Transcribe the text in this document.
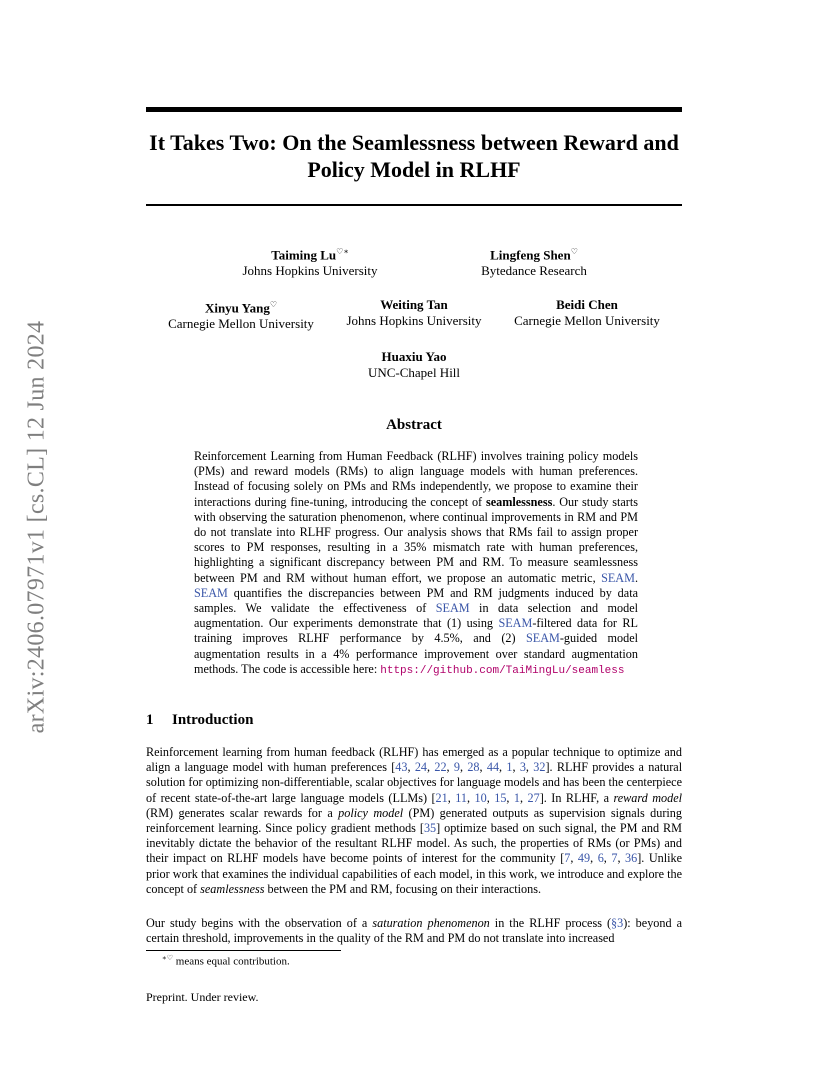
It Takes Two: On the Seamlessness between Reward and Policy Model in RLHF
arXiv:2406.07971v1 [cs.CL] 12 Jun 2024
Taiming Lu♡∗
Johns Hopkins University
Lingfeng Shen♡
Bytedance Research
Xinyu Yang♡
Carnegie Mellon University
Weiting Tan
Johns Hopkins University
Beidi Chen
Carnegie Mellon University
Huaxiu Yao
UNC-Chapel Hill
Abstract
Reinforcement Learning from Human Feedback (RLHF) involves training policy models (PMs) and reward models (RMs) to align language models with human preferences. Instead of focusing solely on PMs and RMs independently, we propose to examine their interactions during fine-tuning, introducing the concept of seamlessness. Our study starts with observing the saturation phenomenon, where continual improvements in RM and PM do not translate into RLHF progress. Our analysis shows that RMs fail to assign proper scores to PM responses, resulting in a 35% mismatch rate with human preferences, highlighting a significant discrepancy between PM and RM. To measure seamlessness between PM and RM without human effort, we propose an automatic metric, SEAM. SEAM quantifies the discrepancies between PM and RM judgments induced by data samples. We validate the effectiveness of SEAM in data selection and model augmentation. Our experiments demonstrate that (1) using SEAM-filtered data for RL training improves RLHF performance by 4.5%, and (2) SEAM-guided model augmentation results in a 4% performance improvement over standard augmentation methods. The code is accessible here: https://github.com/TaiMingLu/seamless
1 Introduction

Reinforcement learning from human feedback (RLHF) has emerged as a popular technique to optimize and align a language model with human preferences [43, 24, 22, 9, 28, 44, 1, 3, 32]. RLHF provides a natural solution for optimizing non-differentiable, scalar objectives for language models and has been the centerpiece of recent state-of-the-art large language models (LLMs) [21, 11, 10, 15, 1, 27]. In RLHF, a reward model (RM) generates scalar rewards for a policy model (PM) generated outputs as supervision signals during reinforcement learning. Since policy gradient methods [35] optimize based on such signal, the PM and RM inevitably dictate the behavior of the resultant RLHF model. As such, the properties of RMs (or PMs) and their impact on RLHF models have become points of interest for the community [7, 49, 6, 7, 36]. Unlike prior work that examines the individual capabilities of each model, in this work, we introduce and explore the concept of seamlessness between the PM and RM, focusing on their interactions.

Our study begins with the observation of a saturation phenomenon in the RLHF process (§3): beyond a certain threshold, improvements in the quality of the RM and PM do not translate into increased

∗♡ means equal contribution.
Preprint. Under review.
